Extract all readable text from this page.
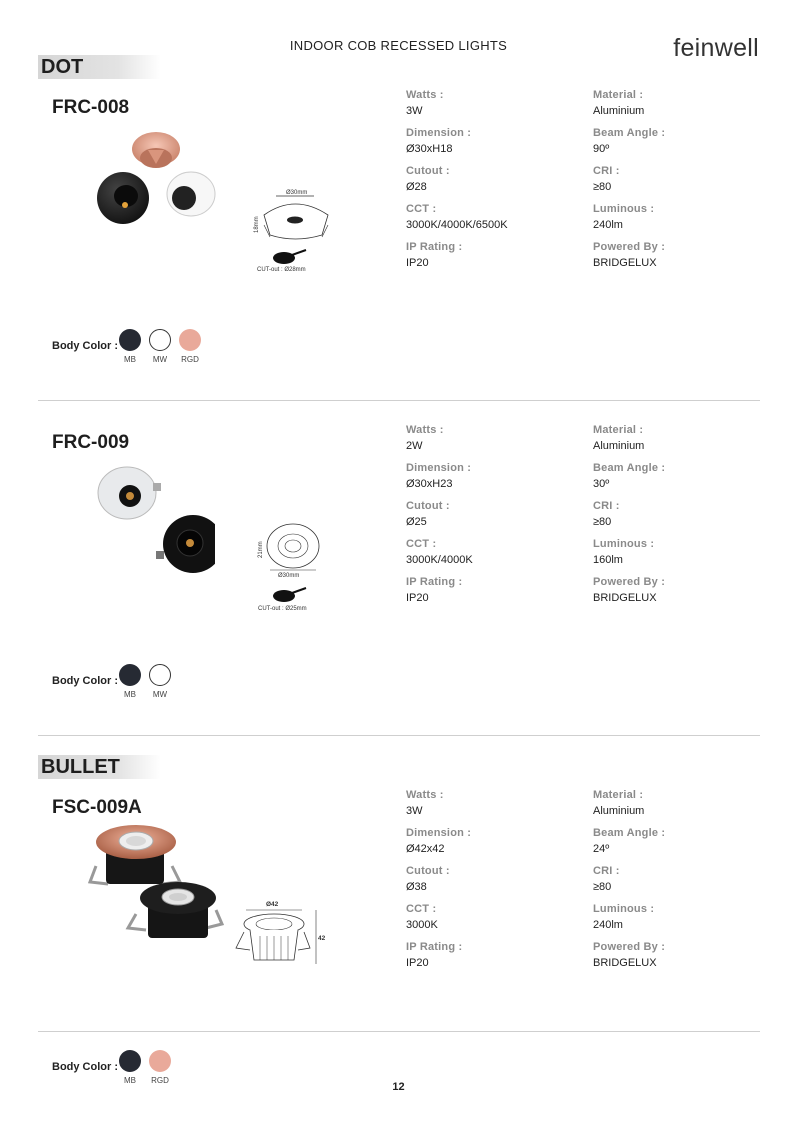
INDOOR COB RECESSED LIGHTS	feinwell
DOT
FRC-008
Ø30mm
18mm
CUT-out : Ø28mm
Watts :
3W
Material :
Aluminium
Dimension :
Ø30xH18
Beam Angle :
90º
Cutout :
Ø28
CRI :
≥80
CCT :
3000K/4000K/6500K
Luminous :
240lm
IP Rating :
IP20
Powered By :
BRIDGELUX
Body Color :
MB	MW	RGD
FRC-009
Ø30mm
21mm
CUT-out : Ø25mm
Watts :
2W
Material :
Aluminium
Dimension :
Ø30xH23
Beam Angle :
30º
Cutout :
Ø25
CRI :
≥80
CCT :
3000K/4000K
Luminous :
160lm
IP Rating :
IP20
Powered By :
BRIDGELUX
Body Color :
MB	MW
BULLET
FSC-009A
Ø42
42
Watts :
3W
Material :
Aluminium
Dimension :
Ø42x42
Beam Angle :
24º
Cutout :
Ø38
CRI :
≥80
CCT :
3000K
Luminous :
240lm
IP Rating :
IP20
Powered By :
BRIDGELUX
Body Color :
MB	RGD
12
